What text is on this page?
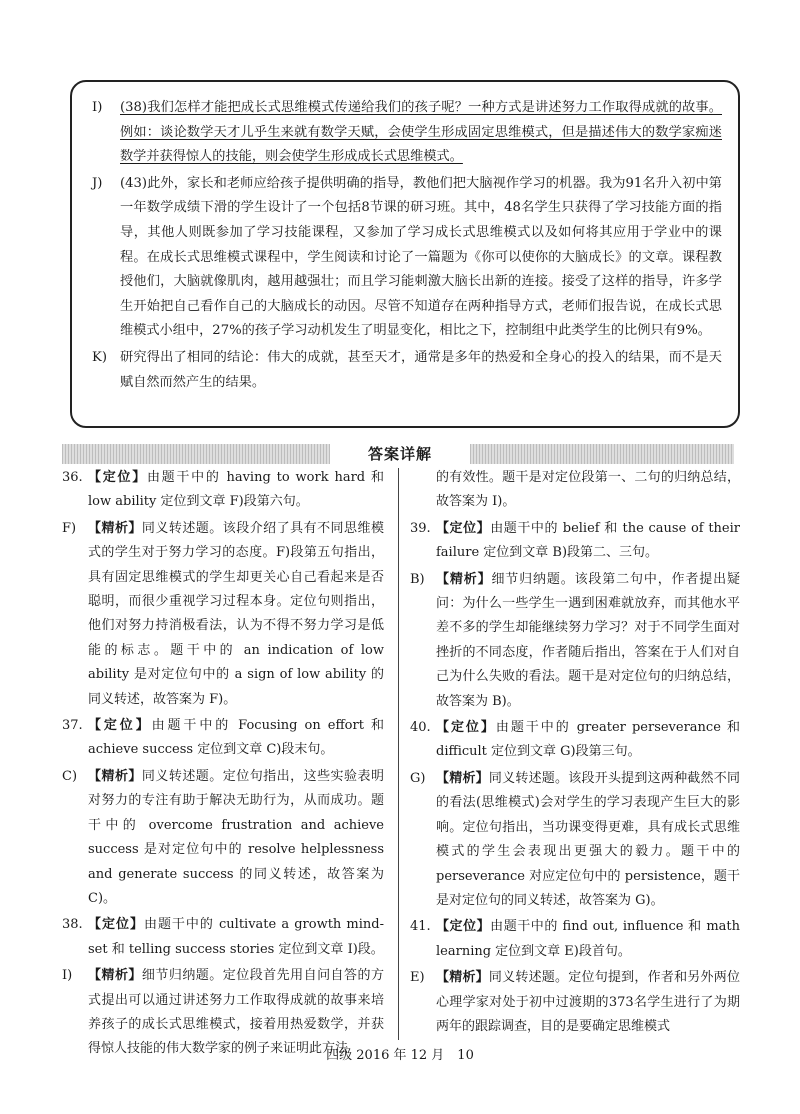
I)	(38)我们怎样才能把成长式思维模式传递给我们的孩子呢？一种方式是讲述努力工作取得成就的故事。例如：谈论数学天才儿乎生来就有数学天赋，会使学生形成固定思维模式，但是描述伟大的数学家痴迷数学并获得惊人的技能，则会使学生形成成长式思维模式。
J)	(43)此外，家长和老师应给孩子提供明确的指导，教他们把大脑视作学习的机器。我为91名升入初中第一年数学成绩下滑的学生设计了一个包括8节课的研习班。其中，48名学生只获得了学习技能方面的指导，其他人则既参加了学习技能课程，又参加了学习成长式思维模式以及如何将其应用于学业中的课程。在成长式思维模式课程中，学生阅读和讨论了一篇题为《你可以使你的大脑成长》的文章。课程教授他们，大脑就像肌肉，越用越强壮；而且学习能刺激大脑长出新的连接。接受了这样的指导，许多学生开始把自己看作自己的大脑成长的动因。尽管不知道存在两种指导方式，老师们报告说，在成长式思维模式小组中，27%的孩子学习动机发生了明显变化，相比之下，控制组中此类学生的比例只有9%。
K) 研究得出了相同的结论：伟大的成就，甚至天才，通常是多年的热爱和全身心的投入的结果，而不是天赋自然而然产生的结果。
答案详解
36. 【定位】由题干中的 having to work hard 和 low ability 定位到文章 F)段第六句。
F) 【精析】同义转述题。该段介绍了具有不同思维模式的学生对于努力学习的态度。F)段第五句指出，具有固定思维模式的学生却更关心自己看起来是否聪明，而很少重视学习过程本身。定位句则指出，他们对努力持消极看法，认为不得不努力学习是低能的标志。题干中的 an indication of low ability 是对定位句中的 a sign of low ability 的同义转述，故答案为 F)。
37. 【定位】由题干中的 Focusing on effort 和 achieve success 定位到文章 C)段末句。
C) 【精析】同义转述题。定位句指出，这些实验表明对努力的专注有助于解决无助行为，从而成功。题干中的 overcome frustration and achieve success 是对定位句中的 resolve helplessness and generate success 的同义转述，故答案为 C)。
38. 【定位】由题干中的 cultivate a growth mind-set 和 telling success stories 定位到文章 I)段。
I)	【精析】细节归纳题。定位段首先用自问自答的方式提出可以通过讲述努力工作取得成就的故事来培养孩子的成长式思维模式，接着用热爱数学，并获得惊人技能的伟大数学家的例子来证明此方法
的有效性。题干是对定位段第一、二句的归纳总结，故答案为 I)。
39. 【定位】由题干中的 belief 和 the cause of their failure 定位到文章 B)段第二、三句。
B) 【精析】细节归纳题。该段第二句中，作者提出疑问：为什么一些学生一遇到困难就放弃，而其他水平差不多的学生却能继续努力学习？对于不同学生面对挫折的不同态度，作者随后指出，答案在于人们对自己为什么失败的看法。题干是对定位句的归纳总结，故答案为 B)。
40. 【定位】由题干中的 greater perseverance 和 difficult 定位到文章 G)段第三句。
G) 【精析】同义转述题。该段开头提到这两种截然不同的看法(思维模式)会对学生的学习表现产生巨大的影响。定位句指出，当功课变得更难，具有成长式思维模式的学生会表现出更强大的毅力。题干中的 perseverance 对应定位句中的 persistence，题干是对定位句的同义转述，故答案为 G)。
41. 【定位】由题干中的 find out, influence 和 math learning 定位到文章 E)段首句。
E) 【精析】同义转述题。定位句提到，作者和另外两位心理学家对处于初中过渡期的373名学生进行了为期两年的跟踪调查，目的是要确定思维模式
四级 2016 年 12 月　10
